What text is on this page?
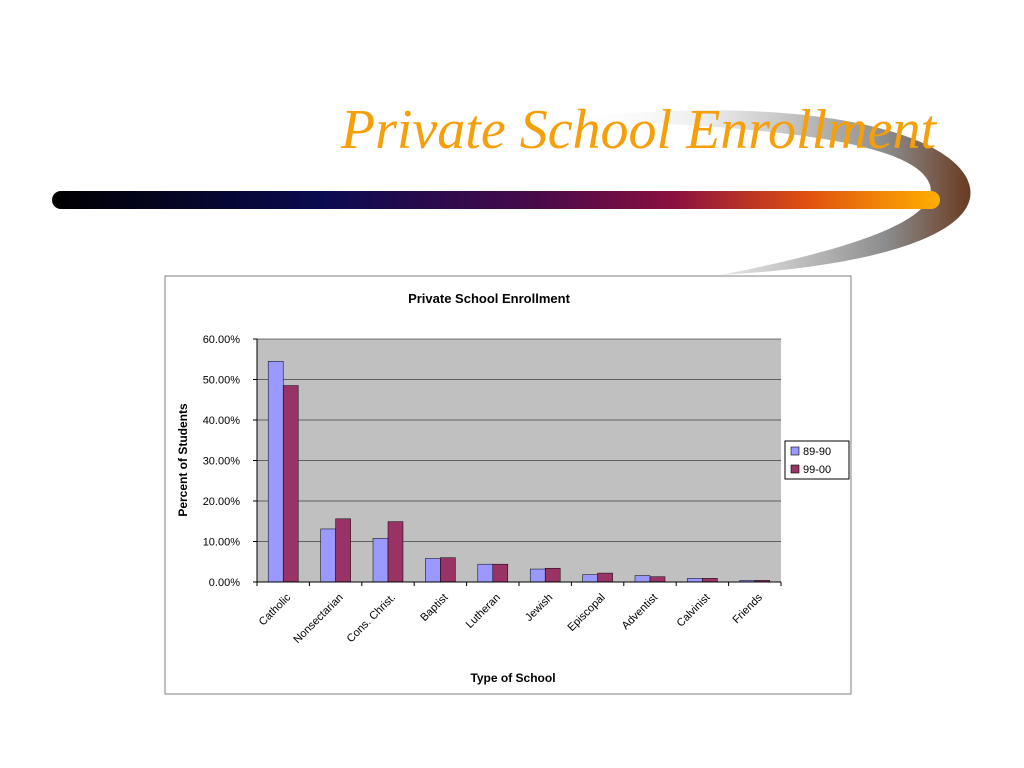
Private School Enrollment
Private School Enrollment
0.00%
10.00%
20.00%
30.00%
40.00%
50.00%
60.00%
Catholic
Nonsectarian
Cons. Christ. Baptist Lutheran Jewish Episcopal Adventist Calvinist Friends
Percent of Students
Type of School
89-90
99-00
